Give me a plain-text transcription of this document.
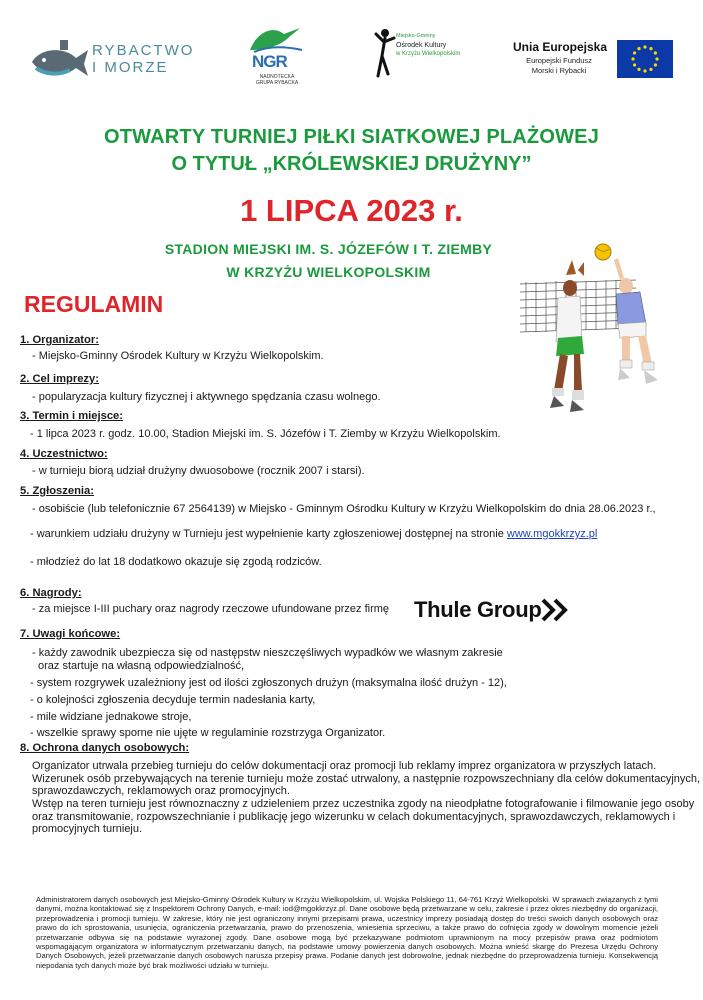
RYBACTWO
I MORZE	NGR
NADNOTECKA
GRUPA RYBACKA
Miejsko-Gminny
Ośrodek Kultury
w Krzyżu Wielkopolskim	Unia Europejska
Europejski Fundusz
Morski i Rybacki
OTWARTY TURNIEJ PIŁKI SIATKOWEJ PLAŻOWEJ
O TYTUŁ „KRÓLEWSKIEJ DRUŻYNY”
1 LIPCA 2023 r.
STADION MIEJSKI IM. S. JÓZEFÓW I T. ZIEMBY
W KRZYŻU WIELKOPOLSKIM
REGULAMIN
1. Organizator:
- Miejsko-Gminny Ośrodek Kultury w Krzyżu Wielkopolskim.
2. Cel imprezy:
- popularyzacja kultury fizycznej i aktywnego spędzania czasu wolnego.
3. Termin i miejsce:
- 1 lipca 2023 r. godz. 10.00, Stadion Miejski im. S. Józefów i T. Ziemby w Krzyżu Wielkopolskim.
4. Uczestnictwo:
- w turnieju biorą udział drużyny dwuosobowe (rocznik 2007 i starsi).
5. Zgłoszenia:
- osobiście (lub telefonicznie 67 2564139) w Miejsko - Gminnym Ośrodku Kultury w Krzyżu Wielkopolskim do dnia 28.06.2023 r.,
- warunkiem udziału drużyny w Turnieju jest wypełnienie karty zgłoszeniowej dostępnej na stronie www.mgokkrzyz.pl
- młodzież do lat 18 dodatkowo okazuje się zgodą rodziców.
6. Nagrody:
- za miejsce I-III puchary oraz nagrody rzeczowe ufundowane przez firmę Thule Group
7. Uwagi końcowe:
- każdy zawodnik ubezpiecza się od następstw nieszczęśliwych wypadków we własnym zakresie
oraz startuje na własną odpowiedzialność,
- system rozgrywek uzależniony jest od ilości zgłoszonych drużyn (maksymalna ilość drużyn - 12),
- o kolejności zgłoszenia decyduje termin nadesłania karty,
- mile widziane jednakowe stroje,
- wszelkie sprawy sporne nie ujęte w regulaminie rozstrzyga Organizator.
8. Ochrona danych osobowych:
Organizator utrwala przebieg turnieju do celów dokumentacji oraz promocji lub reklamy imprez organizatora w przyszłych latach. Wizerunek osób przebywających na terenie turnieju może zostać utrwalony, a następnie rozpowszechniany dla celów dokumentacyjnych, sprawozdawczych, reklamowych oraz promocyjnych.
Wstęp na teren turnieju jest równoznaczny z udzieleniem przez uczestnika zgody na nieodpłatne fotografowanie i filmowanie jego osoby oraz transmitowanie, rozpowszechnianie i publikację jego wizerunku w celach dokumentacyjnych, sprawozdawczych, reklamowych i promocyjnych turnieju.
Administratorem danych osobowych jest Miejsko-Gminny Ośrodek Kultury w Krzyżu Wielkopolskim, ul. Wojska Polskiego 11, 64-761 Krzyż Wielkopolski. W sprawach związanych z tymi danymi, można kontaktować się z Inspektorem Ochrony Danych, e-mail: iod@mgokkrzyz.pl. Dane osobowe będą przetwarzane w celu, zakresie i przez okres niezbędny do organizacji, przeprowadzenia i promocji turnieju. W zakresie, który nie jest ograniczony innymi przepisami prawa, uczestnicy imprezy posiadają dostęp do treści swoich danych osobowych oraz prawo do ich sprostowania, usunięcia, ograniczenia przetwarzania, prawo do przenoszenia, wniesienia sprzeciwu, a także prawo do cofnięcia zgody w dowolnym momencie jeżeli przetwarzanie odbywa się na podstawie wyrażonej zgody. Dane osobowe mogą być przekazywane podmiotom uprawnionym na mocy przepisów prawa oraz podmiotom wspomagającym organizatora w informatycznym przetwarzaniu danych, na podstawie umowy powierzenia danych osobowych. Można wnieść skargę do Prezesa Urzędu Ochrony Danych Osobowych, jeżeli przetwarzanie danych osobowych narusza przepisy prawa. Podanie danych jest dobrowolne, jednak niezbędne do przeprowadzenia turnieju. Konsekwencją niepodania tych danych może być brak możliwości udziału w turnieju.
